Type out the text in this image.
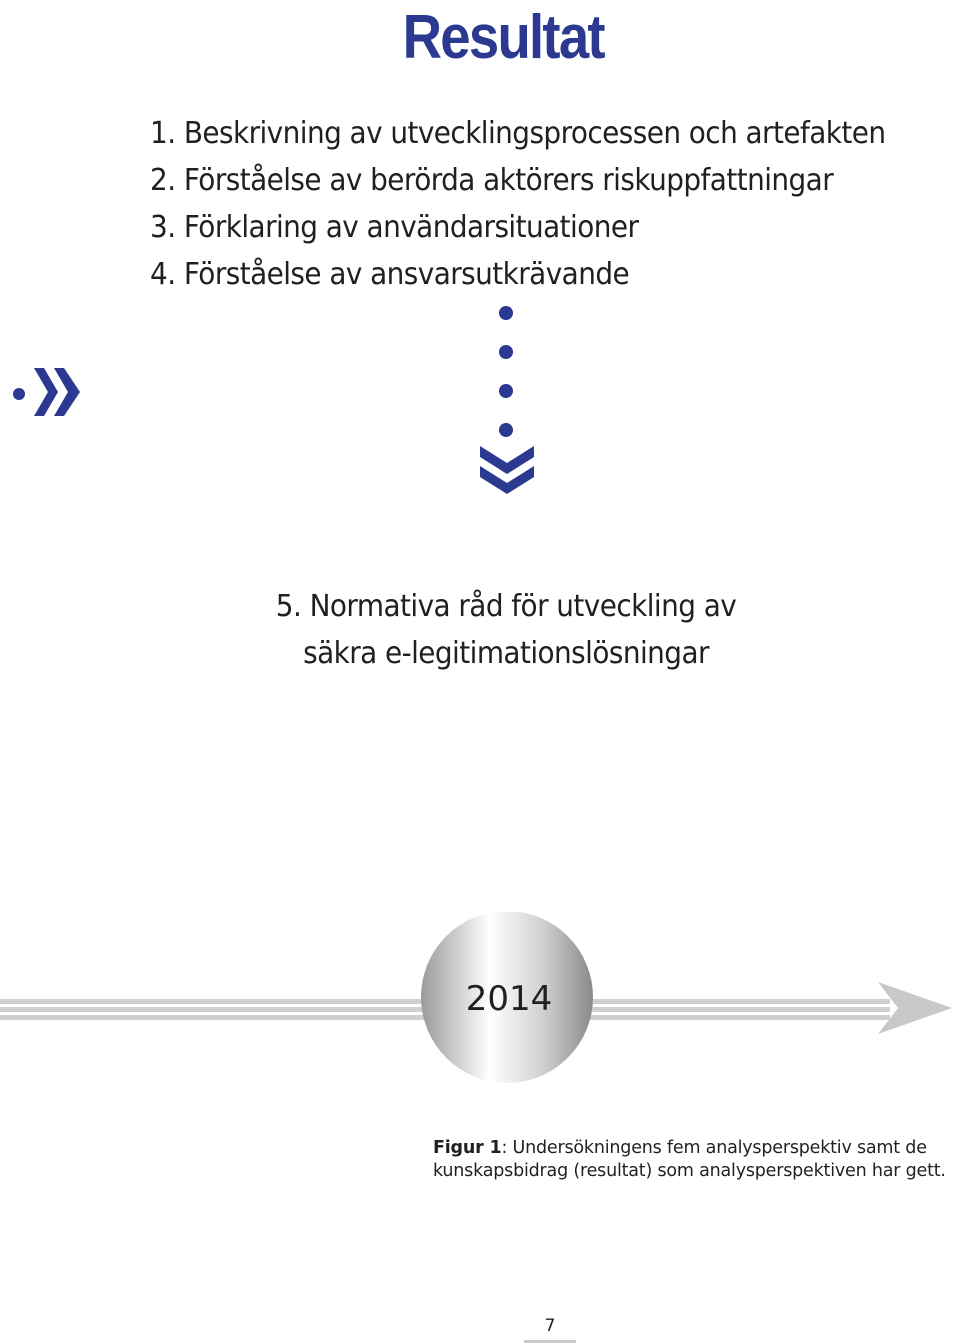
Resultat
1. Beskrivning av utvecklingsprocessen och artefakten
2. Förståelse av berörda aktörers riskuppfattningar
3. Förklaring av användarsituationer
4. Förståelse av ansvarsutkrävande
5. Normativa råd för utveckling av
säkra e-legitimationslösningar
2014
Figur 1: Undersökningens fem analysperspektiv samt de kunskapsbidrag (resultat) som analysperspektiven har gett.
7
